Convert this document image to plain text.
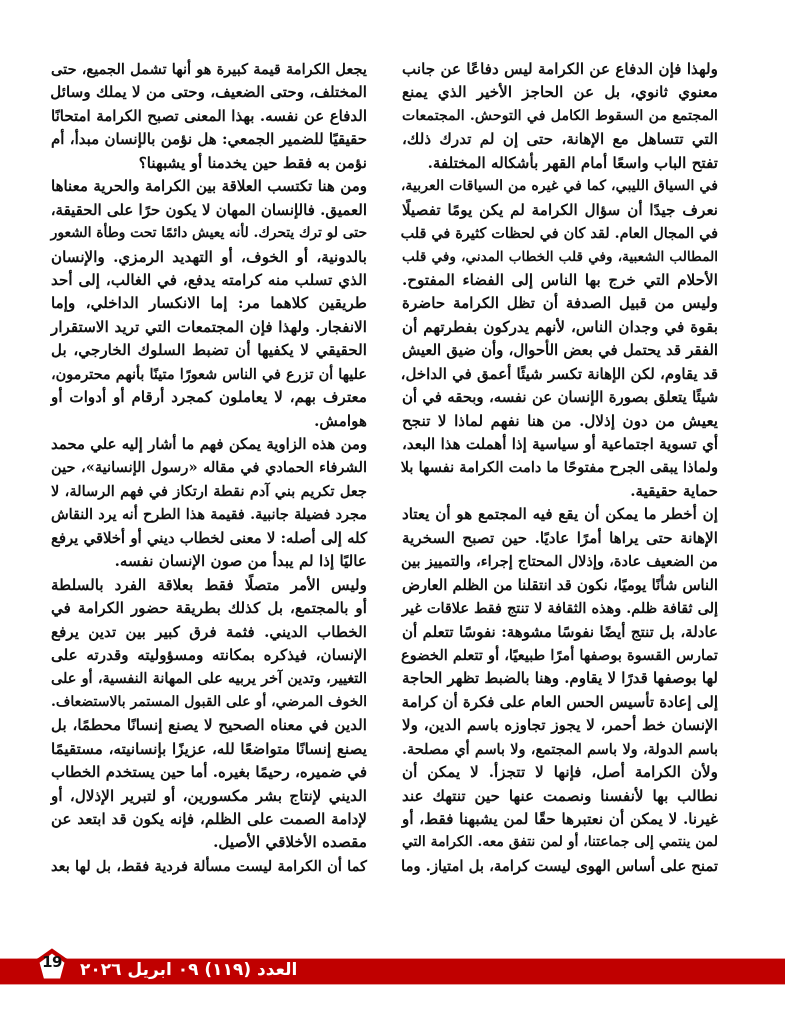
ولهذا فإن الدفاع عن الكرامة ليس دفاعًا عن جانب
معنوي ثانوي، بل عن الحاجز الأخير الذي يمنع
المجتمع من السقوط الكامل في التوحش. المجتمعات
التي تتساهل مع الإهانة، حتى إن لم تدرك ذلك،
تفتح الباب واسعًا أمام القهر بأشكاله المختلفة.
في السياق الليبي، كما في غيره من السياقات العربية،
نعرف جيدًا أن سؤال الكرامة لم يكن يومًا تفصيلًا
في المجال العام. لقد كان في لحظات كثيرة في قلب
المطالب الشعبية، وفي قلب الخطاب المدني، وفي قلب
الأحلام التي خرج بها الناس إلى الفضاء المفتوح.
وليس من قبيل الصدفة أن تظل الكرامة حاضرة
بقوة في وجدان الناس، لأنهم يدركون بفطرتهم أن
الفقر قد يحتمل في بعض الأحوال، وأن ضيق العيش
قد يقاوم، لكن الإهانة تكسر شيئًا أعمق في الداخل،
شيئًا يتعلق بصورة الإنسان عن نفسه، وبحقه في أن
يعيش من دون إذلال. من هنا نفهم لماذا لا تنجح
أي تسوية اجتماعية أو سياسية إذا أهملت هذا البعد،
ولماذا يبقى الجرح مفتوحًا ما دامت الكرامة نفسها بلا
حماية حقيقية.
إن أخطر ما يمكن أن يقع فيه المجتمع هو أن يعتاد
الإهانة حتى يراها أمرًا عاديًا. حين تصبح السخرية
من الضعيف عادة، وإذلال المحتاج إجراء، والتمييز بين
الناس شأنًا يوميًا، نكون قد انتقلنا من الظلم العارض
إلى ثقافة ظلم. وهذه الثقافة لا تنتج فقط علاقات غير
عادلة، بل تنتج أيضًا نفوسًا مشوهة: نفوسًا تتعلم أن
تمارس القسوة بوصفها أمرًا طبيعيًا، أو تتعلم الخضوع
لها بوصفها قدرًا لا يقاوم. وهنا بالضبط تظهر الحاجة
إلى إعادة تأسيس الحس العام على فكرة أن كرامة
الإنسان خط أحمر، لا يجوز تجاوزه باسم الدين، ولا
باسم الدولة، ولا باسم المجتمع، ولا باسم أي مصلحة.
ولأن الكرامة أصل، فإنها لا تتجزأ. لا يمكن أن
نطالب بها لأنفسنا ونصمت عنها حين تنتهك عند
غيرنا. لا يمكن أن نعتبرها حقًا لمن يشبهنا فقط، أو
لمن ينتمي إلى جماعتنا، أو لمن نتفق معه. الكرامة التي
تمنح على أساس الهوى ليست كرامة، بل امتياز. وما
يجعل الكرامة قيمة كبيرة هو أنها تشمل الجميع، حتى
المختلف، وحتى الضعيف، وحتى من لا يملك وسائل
الدفاع عن نفسه. بهذا المعنى تصبح الكرامة امتحانًا
حقيقيًا للضمير الجمعي: هل نؤمن بالإنسان مبدأ، أم
نؤمن به فقط حين يخدمنا أو يشبهنا؟
ومن هنا تكتسب العلاقة بين الكرامة والحرية معناها
العميق. فالإنسان المهان لا يكون حرًا على الحقيقة،
حتى لو ترك يتحرك. لأنه يعيش دائمًا تحت وطأة الشعور
بالدونية، أو الخوف، أو التهديد الرمزي. والإنسان
الذي تسلب منه كرامته يدفع، في الغالب، إلى أحد
طريقين كلاهما مر: إما الانكسار الداخلي، وإما
الانفجار. ولهذا فإن المجتمعات التي تريد الاستقرار
الحقيقي لا يكفيها أن تضبط السلوك الخارجي، بل
عليها أن تزرع في الناس شعورًا متينًا بأنهم محترمون،
معترف بهم، لا يعاملون كمجرد أرقام أو أدوات أو
هوامش.
ومن هذه الزاوية يمكن فهم ما أشار إليه علي محمد
الشرفاء الحمادي في مقاله «رسول الإنسانية»، حين
جعل تكريم بني آدم نقطة ارتكاز في فهم الرسالة، لا
مجرد فضيلة جانبية. فقيمة هذا الطرح أنه يرد النقاش
كله إلى أصله: لا معنى لخطاب ديني أو أخلاقي يرفع
عاليًا إذا لم يبدأ من صون الإنسان نفسه.
وليس الأمر متصلًا فقط بعلاقة الفرد بالسلطة
أو بالمجتمع، بل كذلك بطريقة حضور الكرامة في
الخطاب الديني. فثمة فرق كبير بين تدين يرفع
الإنسان، فيذكره بمكانته ومسؤوليته وقدرته على
التغيير، وتدين آخر يربيه على المهانة النفسية، أو على
الخوف المرضي، أو على القبول المستمر بالاستضعاف.
الدين في معناه الصحيح لا يصنع إنسانًا محطمًا، بل
يصنع إنسانًا متواضعًا لله، عزيزًا بإنسانيته، مستقيمًا
في ضميره، رحيمًا بغيره. أما حين يستخدم الخطاب
الديني لإنتاج بشر مكسورين، أو لتبرير الإذلال، أو
لإدامة الصمت على الظلم، فإنه يكون قد ابتعد عن
مقصده الأخلاقي الأصيل.
كما أن الكرامة ليست مسألة فردية فقط، بل لها بعد
19	العدد (١١٩) ٠٩ ابريل ٢٠٢٦
